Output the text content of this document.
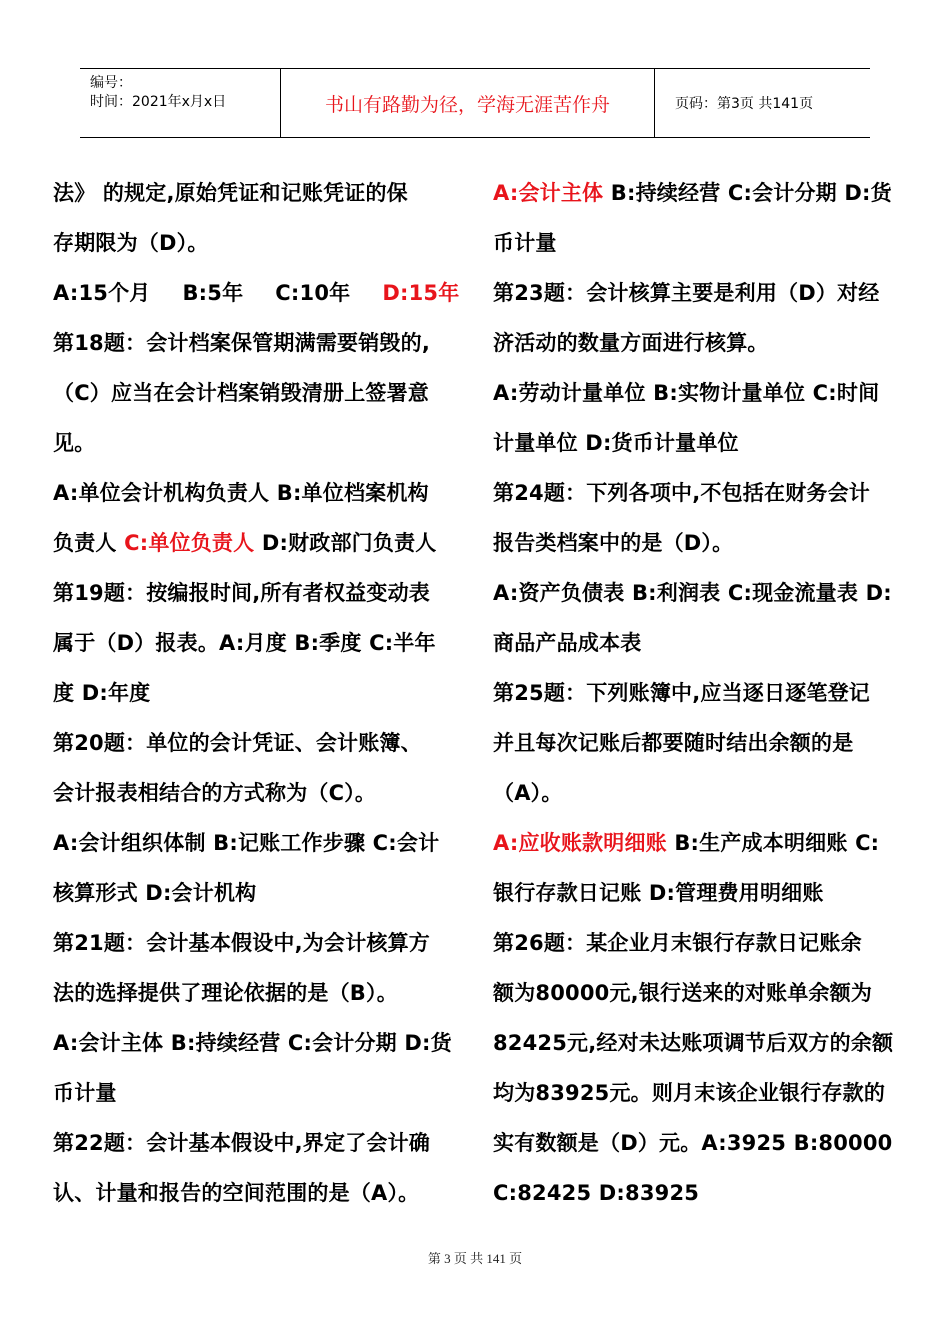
编号：
时间：2021年x月x日	书山有路勤为径，学海无涯苦作舟	页码：第3页 共141页
法》 的规定,原始凭证和记账凭证的保
存期限为（D）。
A:15个月 B:5年 C:10年 D:15年
第18题：会计档案保管期满需要销毁的,
（C）应当在会计档案销毁清册上签署意
见。
A:单位会计机构负责人 B:单位档案机构
负责人 C:单位负责人 D:财政部门负责人
第19题：按编报时间,所有者权益变动表
属于（D）报表。A:月度 B:季度 C:半年
度 D:年度
第20题：单位的会计凭证、会计账簿、
会计报表相结合的方式称为（C）。
A:会计组织体制 B:记账工作步骤 C:会计
核算形式 D:会计机构
第21题：会计基本假设中,为会计核算方
法的选择提供了理论依据的是（B）。
A:会计主体 B:持续经营 C:会计分期 D:货
币计量
第22题：会计基本假设中,界定了会计确
认、计量和报告的空间范围的是（A）。
A:会计主体 B:持续经营 C:会计分期 D:货
币计量
第23题：会计核算主要是利用（D）对经
济活动的数量方面进行核算。
A:劳动计量单位 B:实物计量单位 C:时间
计量单位 D:货币计量单位
第24题：下列各项中,不包括在财务会计
报告类档案中的是（D）。
A:资产负债表 B:利润表 C:现金流量表 D:
商品产品成本表
第25题：下列账簿中,应当逐日逐笔登记
并且每次记账后都要随时结出余额的是
（A）。
A:应收账款明细账 B:生产成本明细账 C:
银行存款日记账 D:管理费用明细账
第26题：某企业月末银行存款日记账余
额为80000元,银行送来的对账单余额为
82425元,经对未达账项调节后双方的余额
均为83925元。则月末该企业银行存款的
实有数额是（D）元。A:3925 B:80000
C:82425 D:83925
第 3 页 共 141 页
